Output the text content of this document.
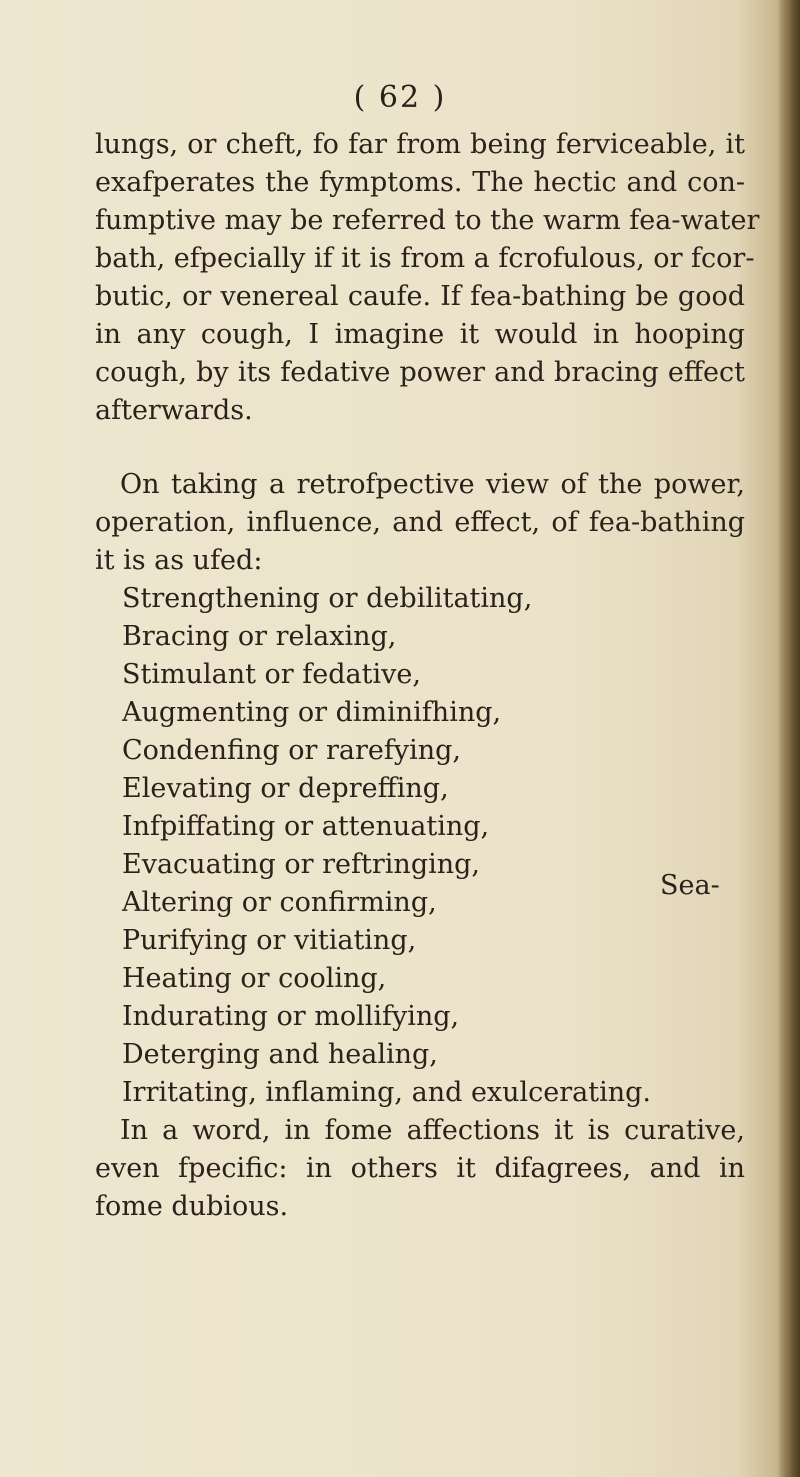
( 62 )
lungs, or cheft, fo far from being ferviceable, it
exafperates the fymptoms. The hectic and con-
fumptive may be referred to the warm fea-water
bath, efpecially if it is from a fcrofulous, or fcor-
butic, or venereal caufe. If fea-bathing be good
in any cough, I imagine it would in hooping
cough, by its fedative power and bracing effect
afterwards.
On taking a retrofpective view of the power,
operation, influence, and effect, of fea-bathing
it is as ufed:
Strengthening or debilitating,
Bracing or relaxing,
Stimulant or fedative,
Augmenting or diminifhing,
Condenfing or rarefying,
Elevating or depreffing,
Infpiffating or attenuating,
Evacuating or reftringing,
Altering or confirming,
Purifying or vitiating,
Heating or cooling,
Indurating or mollifying,
Deterging and healing,
Irritating, inflaming, and exulcerating.
In a word, in fome affections it is curative,
even fpecific: in others it difagrees, and in
fome dubious.
Sea-
